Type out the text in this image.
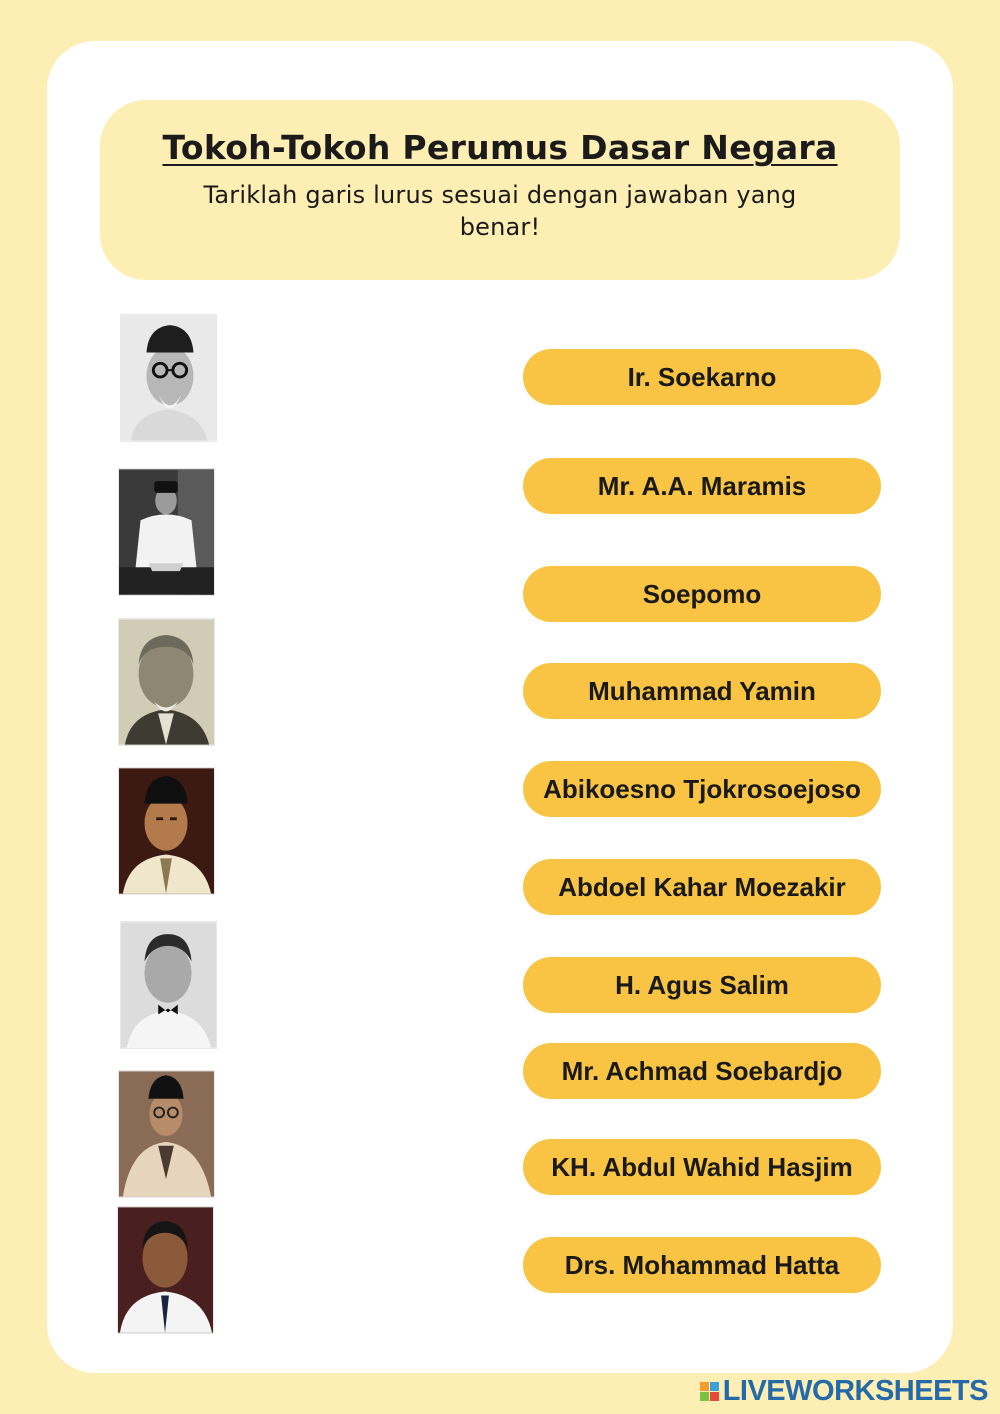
Tokoh-Tokoh Perumus Dasar Negara

Tariklah garis lurus sesuai dengan jawaban yang benar!

Ir. Soekarno
Mr. A.A. Maramis
Soepomo
Muhammad Yamin
Abikoesno Tjokrosoejoso
Abdoel Kahar Moezakir
H. Agus Salim
Mr. Achmad Soebardjo
KH. Abdul Wahid Hasjim
Drs. Mohammad Hatta
LIVEWORKSHEETS
